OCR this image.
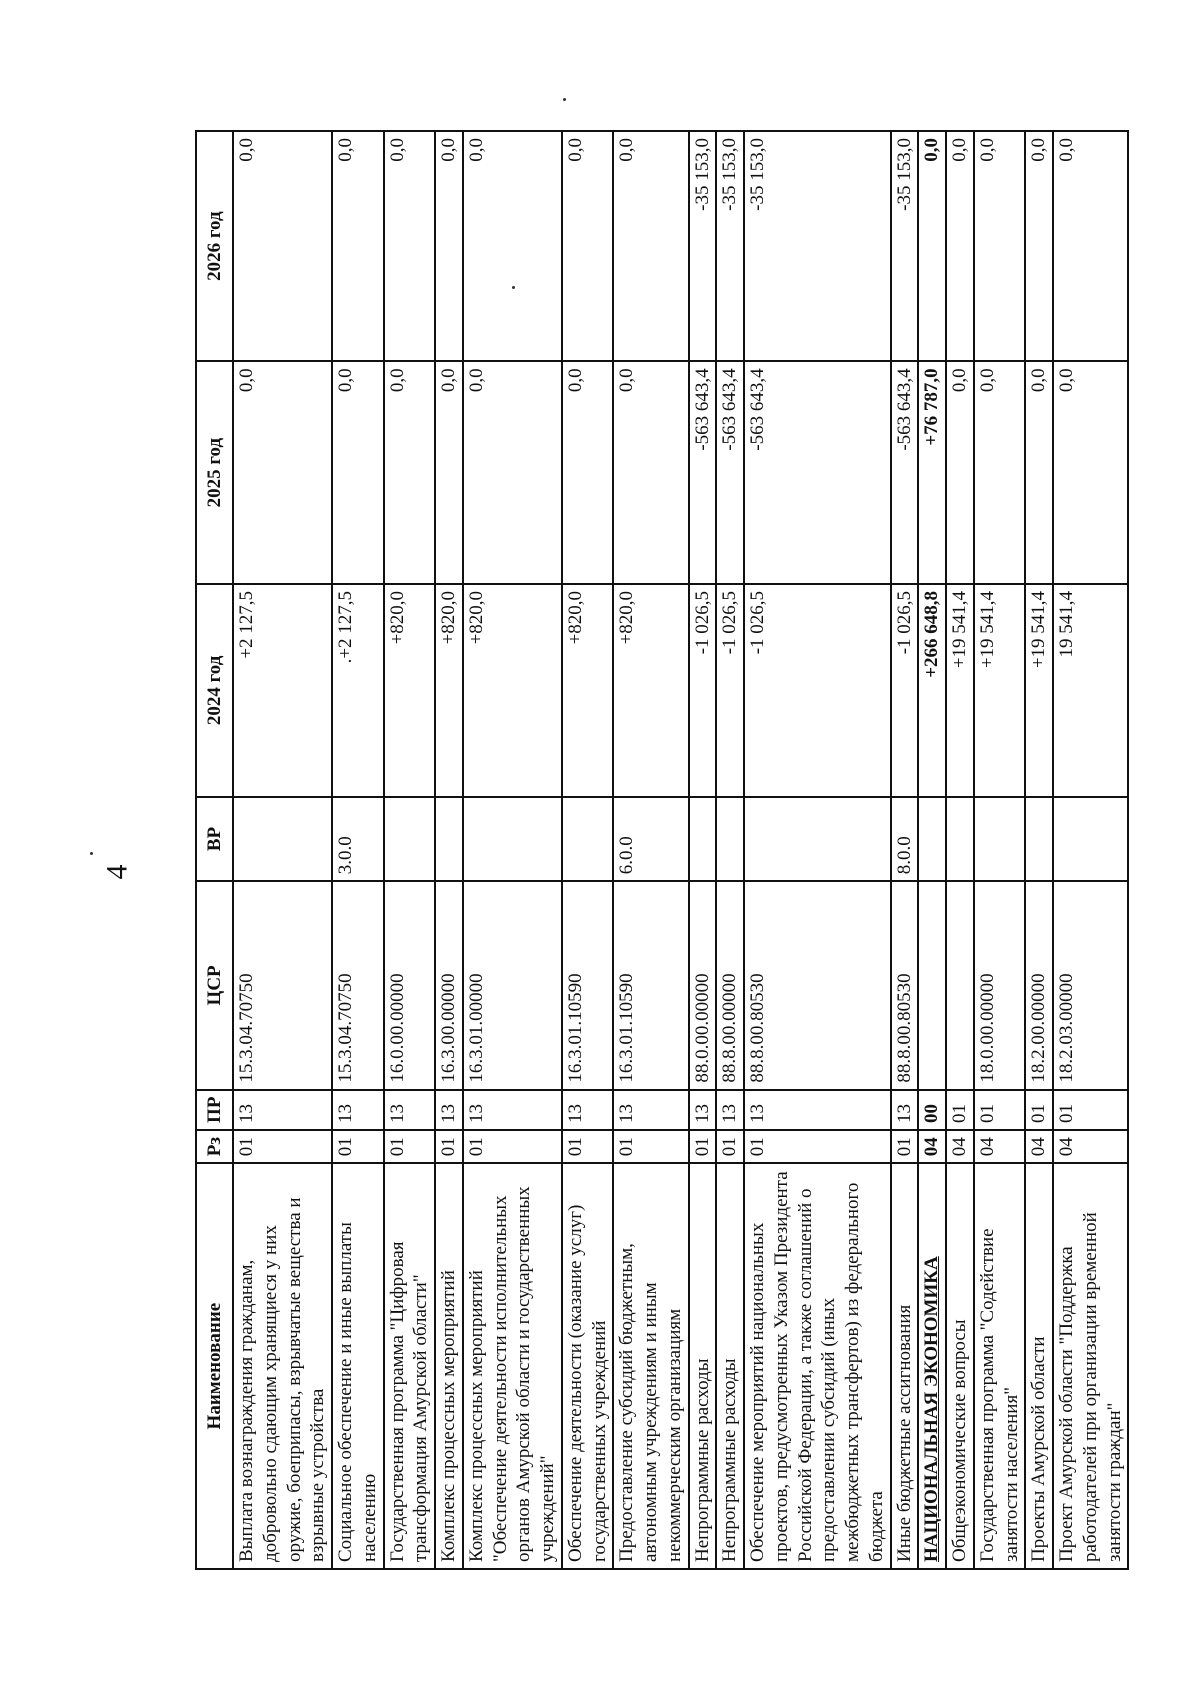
4
Наименование	Рз	ПР	ЦСР	ВР	2024 год	2025 год	2026 год
Выплата вознаграждения гражданам, добровольно сдающим хранящиеся у них оружие, боеприпасы, взрывчатые вещества и взрывные устройства	01	13	15.3.04.70750		+2 127,5	0,0	0,0
Социальное обеспечение и иные выплаты населению	01	13	15.3.04.70750	3.0.0	.+2 127,5	0,0	0,0
Государственная программа "Цифровая трансформация Амурской области"	01	13	16.0.00.00000		+820,0	0,0	0,0
Комплекс процессных мероприятий	01	13	16.3.00.00000		+820,0	0,0	0,0
Комплекс процессных мероприятий "Обеспечение деятельности исполнительных органов Амурской области и государственных учреждений"	01	13	16.3.01.00000		+820,0	0,0	0,0
Обеспечение деятельности (оказание услуг) государственных учреждений	01	13	16.3.01.10590		+820,0	0,0	0,0
Предоставление субсидий бюджетным, автономным учреждениям и иным некоммерческим организациям	01	13	16.3.01.10590	6.0.0	+820,0	0,0	0,0
Непрограммные расходы	01	13	88.0.00.00000		-1 026,5	-563 643,4	-35 153,0
Непрограммные расходы	01	13	88.8.00.00000		-1 026,5	-563 643,4	-35 153,0
Обеспечение мероприятий национальных проектов, предусмотренных Указом Президента Российской Федерации, а также соглашений о предоставлении субсидий (иных межбюджетных трансфертов) из федерального бюджета	01	13	88.8.00.80530		-1 026,5	-563 643,4	-35 153,0
Иные бюджетные ассигнования	01	13	88.8.00.80530	8.0.0	-1 026,5	-563 643,4	-35 153,0
НАЦИОНАЛЬНАЯ ЭКОНОМИКА	04	00			+266 648,8	+76 787,0	0,0
Общеэкономические вопросы	04	01			+19 541,4	0,0	0,0
Государственная программа "Содействие занятости населения"	04	01	18.0.00.00000		+19 541,4	0,0	0,0
Проекты Амурской области	04	01	18.2.00.00000		+19 541,4	0,0	0,0
Проект Амурской области "Поддержка работодателей при организации временной занятости граждан"	04	01	18.2.03.00000		19 541,4	0,0	0,0
